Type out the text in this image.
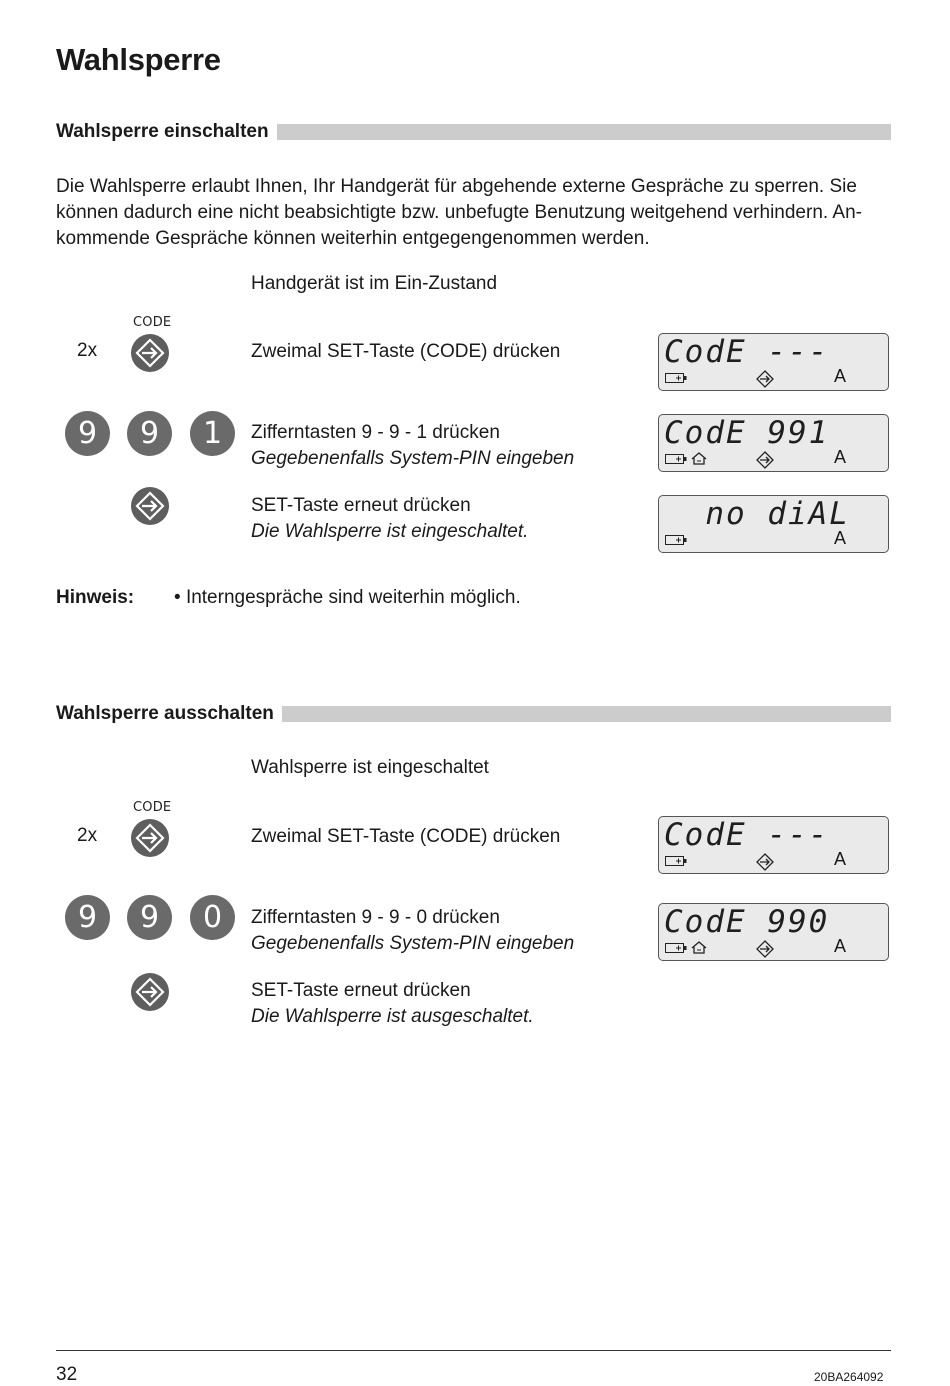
Wahlsperre
Wahlsperre einschalten
Die Wahlsperre erlaubt Ihnen, Ihr Handgerät für abgehende externe Gespräche zu sperren. Sie
können dadurch eine nicht beabsichtigte bzw. unbefugte Benutzung weitgehend verhindern. An-
kommende Gespräche können weiterhin entgegengenommen werden.
Handgerät ist im Ein-Zustand
CODE
2x	Zweimal SET-Taste (CODE) drücken
9	9	1	Zifferntasten 9 - 9 - 1 drücken
Gegebenenfalls System-PIN eingeben
SET-Taste erneut drücken
Die Wahlsperre ist eingeschaltet.
CodE ---
A
CodE 991
A
no diAL
A
Hinweis: • Interngespräche sind weiterhin möglich.
Wahlsperre ausschalten
Wahlsperre ist eingeschaltet
CODE
2x	Zweimal SET-Taste (CODE) drücken
9	9	0	Zifferntasten 9 - 9 - 0 drücken
Gegebenenfalls System-PIN eingeben
SET-Taste erneut drücken
Die Wahlsperre ist ausgeschaltet.
CodE ---
A
CodE 990
A
32	20BA264092
